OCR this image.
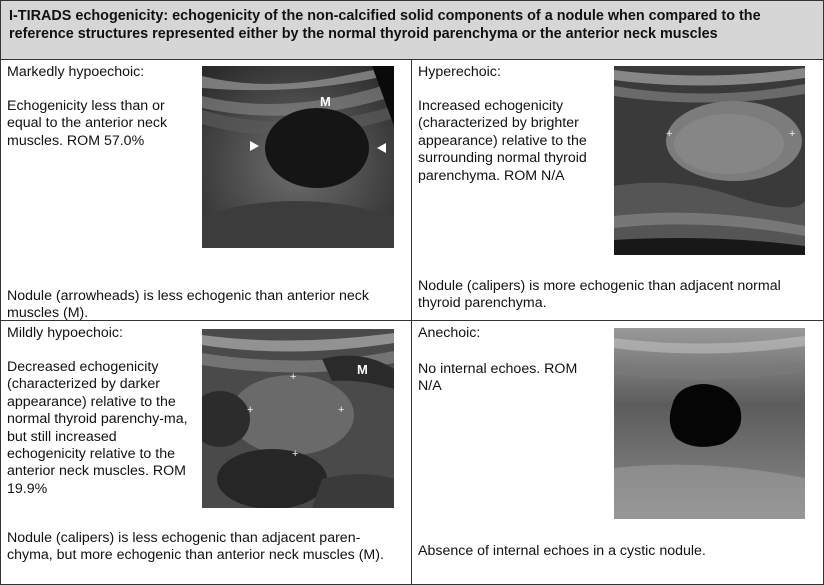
I-TIRADS echogenicity: echogenicity of the non-calcified solid components of a nodule when compared to the reference structures represented either by the normal thyroid parenchyma or the anterior neck muscles
Markedly hypoechoic:
Echogenicity less than or equal to the anterior neck muscles. ROM 57.0%
M
Nodule (arrowheads) is less echogenic than anterior neck muscles (M).
Hyperechoic:
Increased echogenicity (characterized by brighter appearance) relative to the surrounding normal thyroid parenchyma. ROM N/A
+	+
Nodule (calipers) is more echogenic than adjacent normal thyroid parenchyma.
Mildly hypoechoic:
Decreased echogenicity (characterized by darker appearance) relative to the normal thyroid parenchy-ma, but still increased echogenicity relative to the anterior neck muscles. ROM 19.9%
M
+
+	+
+
Nodule (calipers) is less echogenic than adjacent paren-chyma, but more echogenic than anterior neck muscles (M).
Anechoic:
No internal echoes. ROM N/A
Absence of internal echoes in a cystic nodule.
